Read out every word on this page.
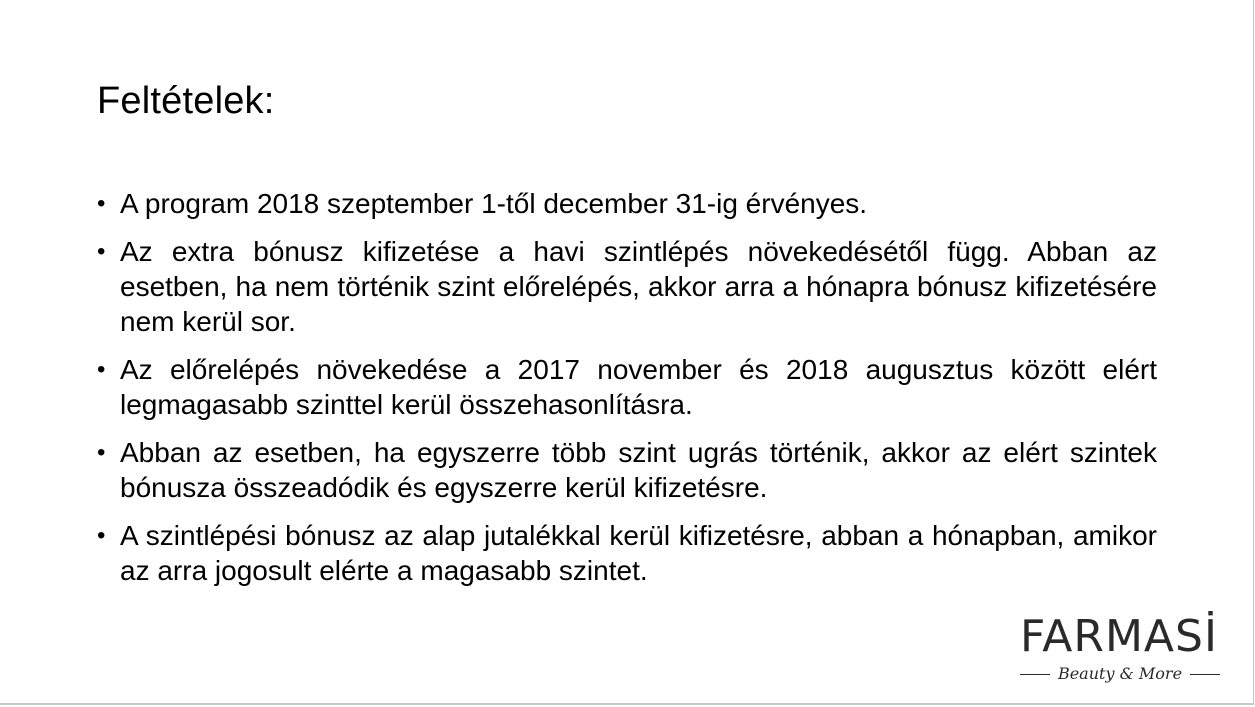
Feltételek:
• A program 2018 szeptember 1-től december 31-ig érvényes.
• Az extra bónusz kifizetése a havi szintlépés növekedésétől függ. Abban az esetben, ha nem történik szint előrelépés, akkor arra a hónapra bónusz kifizetésére nem kerül sor.
• Az előrelépés növekedése a 2017 november és 2018 augusztus között elért legmagasabb szinttel kerül összehasonlításra.
• Abban az esetben, ha egyszerre több szint ugrás történik, akkor az elért szintek bónusza összeadódik és egyszerre kerül kifizetésre.
• A szintlépési bónusz az alap jutalékkal kerül kifizetésre, abban a hónapban, amikor az arra jogosult elérte a magasabb szintet.
FARMASİ
Beauty & More
